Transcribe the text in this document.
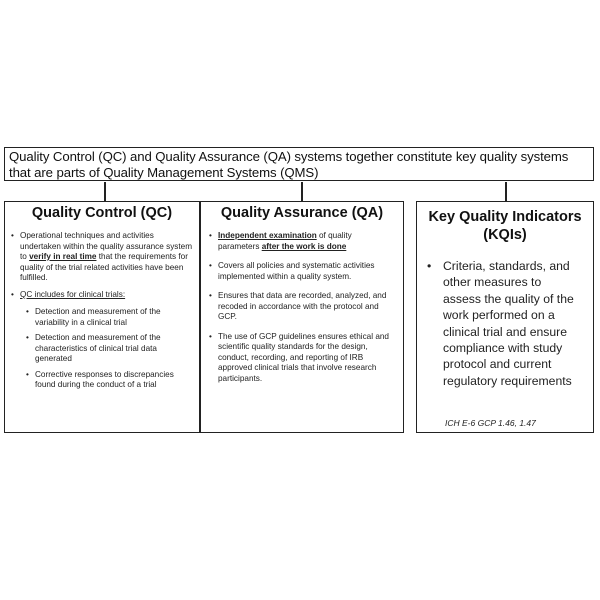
Quality Control (QC) and Quality Assurance (QA) systems together constitute key quality systems
that are parts of Quality Management Systems (QMS)
Quality Control (QC)
• Operational techniques and activities undertaken within the quality assurance system to verify in real time that the requirements for quality of the trial related activities have been fulfilled.
• QC includes for clinical trials:
• Detection and measurement of the variability in a clinical trial
• Detection and measurement of the characteristics of clinical trial data generated
• Corrective responses to discrepancies found during the conduct of a trial
Quality Assurance (QA)
• Independent examination of quality parameters after the work is done
• Covers all policies and systematic activities implemented within a quality system.
• Ensures that data are recorded, analyzed, and recoded in accordance with the protocol and GCP.
• The use of GCP guidelines ensures ethical and scientific quality standards for the design, conduct, recording, and reporting of IRB approved clinical trials that involve research participants.
Key Quality Indicators
(KQIs)
• Criteria, standards, and other measures to assess the quality of the work performed on a clinical trial and ensure compliance with study protocol and current regulatory requirements
ICH E-6 GCP 1.46, 1.47
